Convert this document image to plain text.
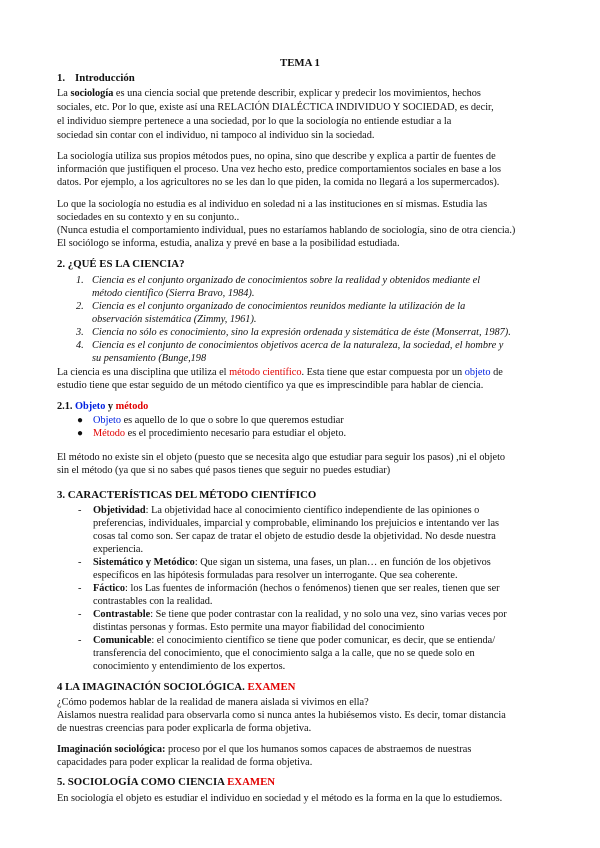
TEMA 1
1. Introducción
La sociología es una ciencia social que pretende describir, explicar y predecir los movimientos, hechos
sociales, etc. Por lo que, existe así una RELACIÓN DIALÉCTICA INDIVIDUO Y SOCIEDAD, es decir,
el individuo siempre pertenece a una sociedad, por lo que la sociología no entiende estudiar a la
sociedad sin contar con el individuo, ni tampoco al individuo sin la sociedad.
La sociología utiliza sus propios métodos pues, no opina, sino que describe y explica a partir de fuentes de
información que justifiquen el proceso. Una vez hecho esto, predice comportamientos sociales en base a los
datos. Por ejemplo, a los agricultores no se les dan lo que piden, la comida no llegará a los supermercados).
Lo que la sociología no estudia es al individuo en soledad ni a las instituciones en sí mismas. Estudia las
sociedades en su contexto y en su conjunto..
(Nunca estudia el comportamiento individual, pues no estaríamos hablando de sociología, sino de otra ciencia.)
El sociólogo se informa, estudia, analiza y prevé en base a la posibilidad estudiada.
2. ¿QUÉ ES LA CIENCIA?
1. Ciencia es el conjunto organizado de conocimientos sobre la realidad y obtenidos mediante el
método científico (Sierra Bravo, 1984).
2. Ciencia es el conjunto organizado de conocimientos reunidos mediante la utilización de la
observación sistemática (Zimmy, 1961).
3. Ciencia no sólo es conocimiento, sino la expresión ordenada y sistemática de éste (Monserrat, 1987).
4. Ciencia es el conjunto de conocimientos objetivos acerca de la naturaleza, la sociedad, el hombre y
su pensamiento (Bunge,198
La ciencia es una disciplina que utiliza el método científico. Esta tiene que estar compuesta por un objeto de
estudio tiene que estar seguido de un método científico ya que es imprescindible para hablar de ciencia.
2.1. Objeto y método
● Objeto es aquello de lo que o sobre lo que queremos estudiar
● Método es el procedimiento necesario para estudiar el objeto.
El método no existe sin el objeto (puesto que se necesita algo que estudiar para seguir los pasos) ,ni el objeto
sin el método (ya que si no sabes qué pasos tienes que seguir no puedes estudiar)
3. CARACTERÍSTICAS DEL MÉTODO CIENTÍFICO
- Objetividad: La objetividad hace al conocimiento científico independiente de las opiniones o
preferencias, individuales, imparcial y comprobable, eliminando los prejuicios e intentando ver las
cosas tal como son. Ser capaz de tratar el objeto de estudio desde la objetividad. No desde nuestra
experiencia.
- Sistemático y Metódico: Que sigan un sistema, una fases, un plan… en función de los objetivos
específicos en las hipótesis formuladas para resolver un interrogante. Que sea coherente.
- Fáctico: los Las fuentes de información (hechos o fenómenos) tienen que ser reales, tienen que ser
contrastables con la realidad.
- Contrastable: Se tiene que poder contrastar con la realidad, y no solo una vez, sino varias veces por
distintas personas y formas. Esto permite una mayor fiabilidad del conocimiento
- Comunicable: el conocimiento científico se tiene que poder comunicar, es decir, que se entienda/
transferencia del conocimiento, que el conocimiento salga a la calle, que no se quede solo en
conocimiento y entendimiento de los expertos.
4 LA IMAGINACIÓN SOCIOLÓGICA. EXAMEN
¿Cómo podemos hablar de la realidad de manera aislada si vivimos en ella?
Aislamos nuestra realidad para observarla como si nunca antes la hubiésemos visto. Es decir, tomar distancia
de nuestras creencias para poder explicarla de forma objetiva.
Imaginación sociológica: proceso por el que los humanos somos capaces de abstraemos de nuestras
capacidades para poder explicar la realidad de forma objetiva.
5. SOCIOLOGÍA COMO CIENCIA EXAMEN
En sociología el objeto es estudiar el individuo en sociedad y el método es la forma en la que lo estudiemos.
